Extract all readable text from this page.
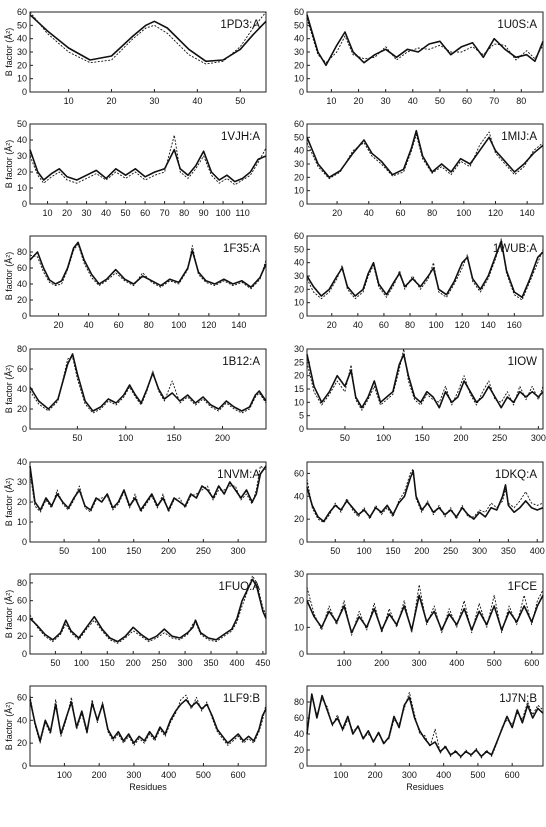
10
20
30
40
50
60
0
10	20	30	40	50
1PD3:A
B factor (Å²)
10
20
30
40
50
60
0
10 20 30 40 50 60 70 80
1U0S:A
10
20
30
40
50
0
10 20 30 40 50 60 70 80 90 100 110
1VJH:A
B factor (Å²)
10
20
30
40
50
60
0
20 40 60 80 100 120 140
1MIJ:A
20
40
60
80
0
20 40 60 80 100 120 140
1F35:A
B factor (Å²)
10
20
30
40
50
60
0
20 40 60 80 100 120 140 160
1WUB:A
20
40
60
80
0
50	100	150	200
1B12:A
B factor (Å²)
5
10
15
20
25
30
0
50	100	150	200	250	300
1IOW
10
20
30
40
0
50 100 150 200 250 300
1NVM:A
B factor (Å²)	20
40
60
0
50 100 150 200 250 300 350 400
1DKQ:A
20
40
60
80
0
50 100 150 200 250 300 350 400 450
1FUO:A
B factor (Å²)	10
20
30
0
100 200 300 400 500 600
1FCE
20
40
60
0
100 200 300 400 500 600
1LF9:B
B factor (Å²)
Residues
20
40
60
80
0
100 200 300 400 500 600
1J7N:B
Residues
